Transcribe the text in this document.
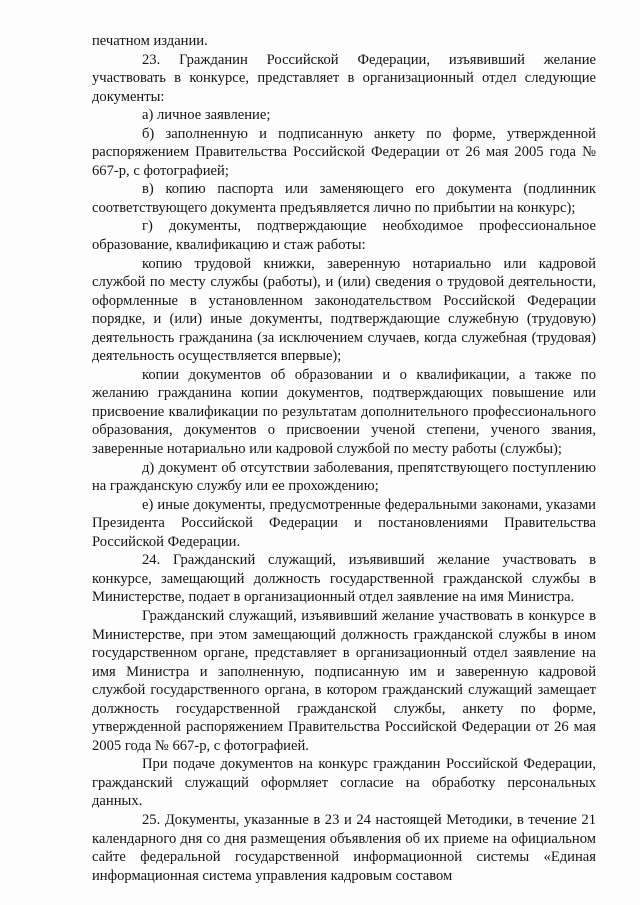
печатном издании.

23. Гражданин Российской Федерации, изъявивший желание участвовать в конкурсе, представляет в организационный отдел следующие документы:

а) личное заявление;

б) заполненную и подписанную анкету по форме, утвержденной распоряжением Правительства Российской Федерации от 26 мая 2005 года № 667-р, с фотографией;

в) копию паспорта или заменяющего его документа (подлинник соответствующего документа предъявляется лично по прибытии на конкурс);

г) документы, подтверждающие необходимое профессиональное образование, квалификацию и стаж работы:

копию трудовой книжки, заверенную нотариально или кадровой службой по месту службы (работы), и (или) сведения о трудовой деятельности, оформленные в установленном законодательством Российской Федерации порядке, и (или) иные документы, подтверждающие служебную (трудовую) деятельность гражданина (за исключением случаев, когда служебная (трудовая) деятельность осуществляется впервые);

копии документов об образовании и о квалификации, а также по желанию гражданина копии документов, подтверждающих повышение или присвоение квалификации по результатам дополнительного профессионального образования, документов о присвоении ученой степени, ученого звания, заверенные нотариально или кадровой службой по месту работы (службы);

д) документ об отсутствии заболевания, препятствующего поступлению на гражданскую службу или ее прохождению;

е) иные документы, предусмотренные федеральными законами, указами Президента Российской Федерации и постановлениями Правительства Российской Федерации.

24. Гражданский служащий, изъявивший желание участвовать в конкурсе, замещающий должность государственной гражданской службы в Министерстве, подает в организационный отдел заявление на имя Министра.

Гражданский служащий, изъявивший желание участвовать в конкурсе в Министерстве, при этом замещающий должность гражданской службы в ином государственном органе, представляет в организационный отдел заявление на имя Министра и заполненную, подписанную им и заверенную кадровой службой государственного органа, в котором гражданский служащий замещает должность государственной гражданской службы, анкету по форме, утвержденной распоряжением Правительства Российской Федерации от 26 мая 2005 года № 667-р, с фотографией.

При подаче документов на конкурс гражданин Российской Федерации, гражданский служащий оформляет согласие на обработку персональных данных.

25. Документы, указанные в 23 и 24 настоящей Методики, в течение 21 календарного дня со дня размещения объявления об их приеме на официальном сайте федеральной государственной информационной системы «Единая информационная система управления кадровым составом
